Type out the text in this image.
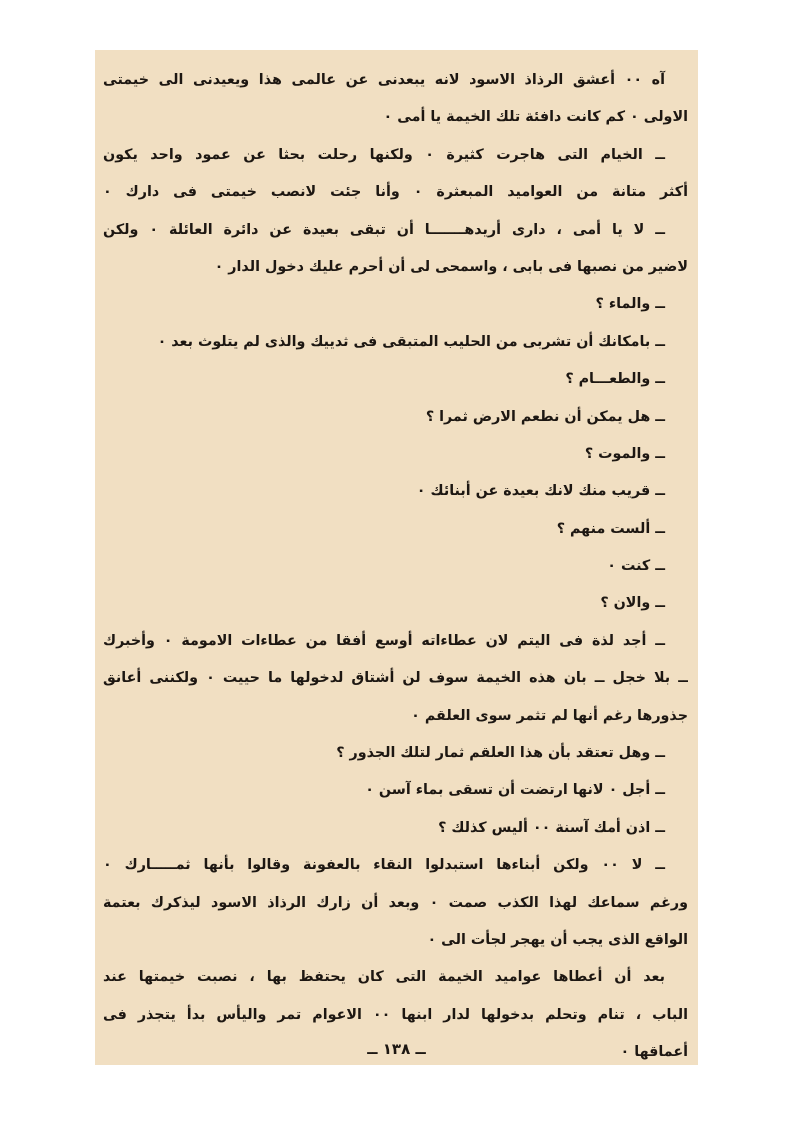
آه ٠٠ أعشق الرذاذ الاسود لانه يبعدنى عن عالمى هذا ويعيدنى الى خيمتى
الاولى ٠ كم كانت دافئة تلك الخيمة يا أمى ٠
ــ الخيام التى هاجرت كثيرة ٠ ولكنها رحلت بحثا عن عمود واحد يكون
أكثر متانة من العواميد المبعثرة ٠ وأنا جئت لانصب خيمتى فى دارك ٠
ــ لا يا أمى ، دارى أريدهـــــــا أن تبقى بعيدة عن دائرة العائلة ٠ ولكن
لاضير من نصبها فى بابى ، واسمحى لى أن أحرم عليك دخول الدار ٠
ــ والماء ؟
ــ بامكانك أن تشربى من الحليب المتبقى فى ثدييك والذى لم يتلوث بعد ٠
ــ والطعـــام ؟
ــ هل يمكن أن نطعم الارض ثمرا ؟
ــ والموت ؟
ــ قريب منك لانك بعيدة عن أبنائك ٠
ــ ألست منهم ؟
ــ كنت ٠
ــ والان ؟
ــ أجد لذة فى اليتم لان عطاءاته أوسع أفقا من عطاءات الامومة ٠ وأخبرك
ــ بلا خجل ــ بان هذه الخيمة سوف لن أشتاق لدخولها ما حييت ٠ ولكننى أعانق
جذورها رغم أنها لم تثمر سوى العلقم ٠
ــ وهل تعتقد بأن هذا العلقم ثمار لتلك الجذور ؟
ــ أجل ٠ لانها ارتضت أن تسقى بماء آسن ٠
ــ اذن أمك آسنة ٠٠ أليس كذلك ؟
ــ لا ٠٠ ولكن أبناءها استبدلوا النقاء بالعفونة وقالوا بأنها ثمـــــارك ٠
ورغم سماعك لهذا الكذب صمت ٠ وبعد أن زارك الرذاذ الاسود ليذكرك بعتمة
الواقع الذى يجب أن يهجر لجأت الى ٠
بعد أن أعطاها عواميد الخيمة التى كان يحتفظ بها ، نصبت خيمتها عند
الباب ، تنام وتحلم بدخولها لدار ابنها ٠٠ الاعوام تمر واليأس بدأ يتجذر فى
أعماقها ٠
ــ ١٣٨ ــ
